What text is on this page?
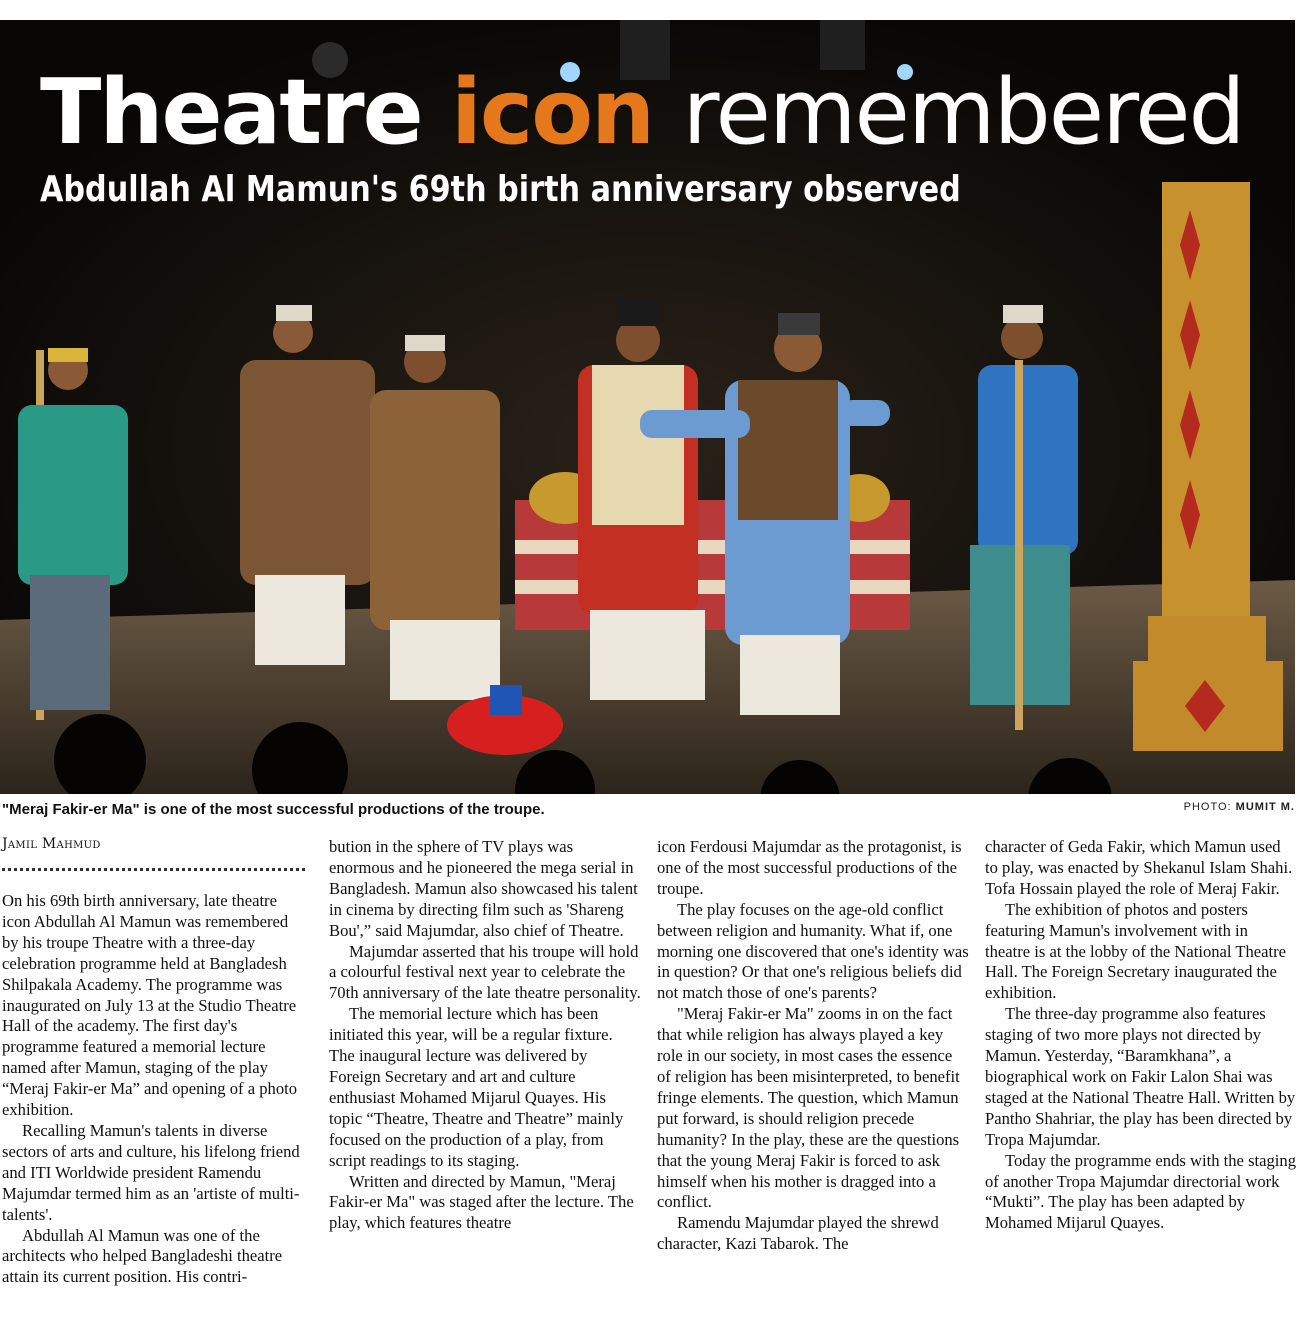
Theatre icon remembered
Abdullah Al Mamun's 69th birth anniversary observed
"Meraj Fakir-er Ma" is one of the most successful productions of the troupe.	PHOTO: MUMIT M.
Jamil Mahmud

On his 69th birth anniversary, late theatre icon Abdullah Al Mamun was remembered by his troupe Theatre with a three-day celebration programme held at Bangladesh Shilpakala Academy. The programme was inaugurated on July 13 at the Studio Theatre Hall of the academy. The first day's programme featured a memorial lecture named after Mamun, staging of the play “Meraj Fakir-er Ma” and opening of a photo exhibition.

Recalling Mamun's talents in diverse sectors of arts and culture, his lifelong friend and ITI Worldwide president Ramendu Majumdar termed him as an 'artiste of multi-talents'.

Abdullah Al Mamun was one of the architects who helped Bangladeshi theatre attain its current position. His contri-

bution in the sphere of TV plays was enormous and he pioneered the mega serial in Bangladesh. Mamun also showcased his talent in cinema by directing film such as 'Shareng Bou',” said Majumdar, also chief of Theatre.

Majumdar asserted that his troupe will hold a colourful festival next year to celebrate the 70th anniversary of the late theatre personality.

The memorial lecture which has been initiated this year, will be a regular fixture. The inaugural lecture was delivered by Foreign Secretary and art and culture enthusiast Mohamed Mijarul Quayes. His topic “Theatre, Theatre and Theatre” mainly focused on the production of a play, from script readings to its staging.

Written and directed by Mamun, "Meraj Fakir-er Ma" was staged after the lecture. The play, which features theatre

icon Ferdousi Majumdar as the protagonist, is one of the most successful productions of the troupe.

The play focuses on the age-old conflict between religion and humanity. What if, one morning one discovered that one's identity was in question? Or that one's religious beliefs did not match those of one's parents?

"Meraj Fakir-er Ma" zooms in on the fact that while religion has always played a key role in our society, in most cases the essence of religion has been misinterpreted, to benefit fringe elements. The question, which Mamun put forward, is should religion precede humanity? In the play, these are the questions that the young Meraj Fakir is forced to ask himself when his mother is dragged into a conflict.

Ramendu Majumdar played the shrewd character, Kazi Tabarok. The

character of Geda Fakir, which Mamun used to play, was enacted by Shekanul Islam Shahi. Tofa Hossain played the role of Meraj Fakir.

The exhibition of photos and posters featuring Mamun's involvement with in theatre is at the lobby of the National Theatre Hall. The Foreign Secretary inaugurated the exhibition.

The three-day programme also features staging of two more plays not directed by Mamun. Yesterday, “Baramkhana”, a biographical work on Fakir Lalon Shai was staged at the National Theatre Hall. Written by Pantho Shahriar, the play has been directed by Tropa Majumdar.

Today the programme ends with the staging of another Tropa Majumdar directorial work “Mukti”. The play has been adapted by Mohamed Mijarul Quayes.
